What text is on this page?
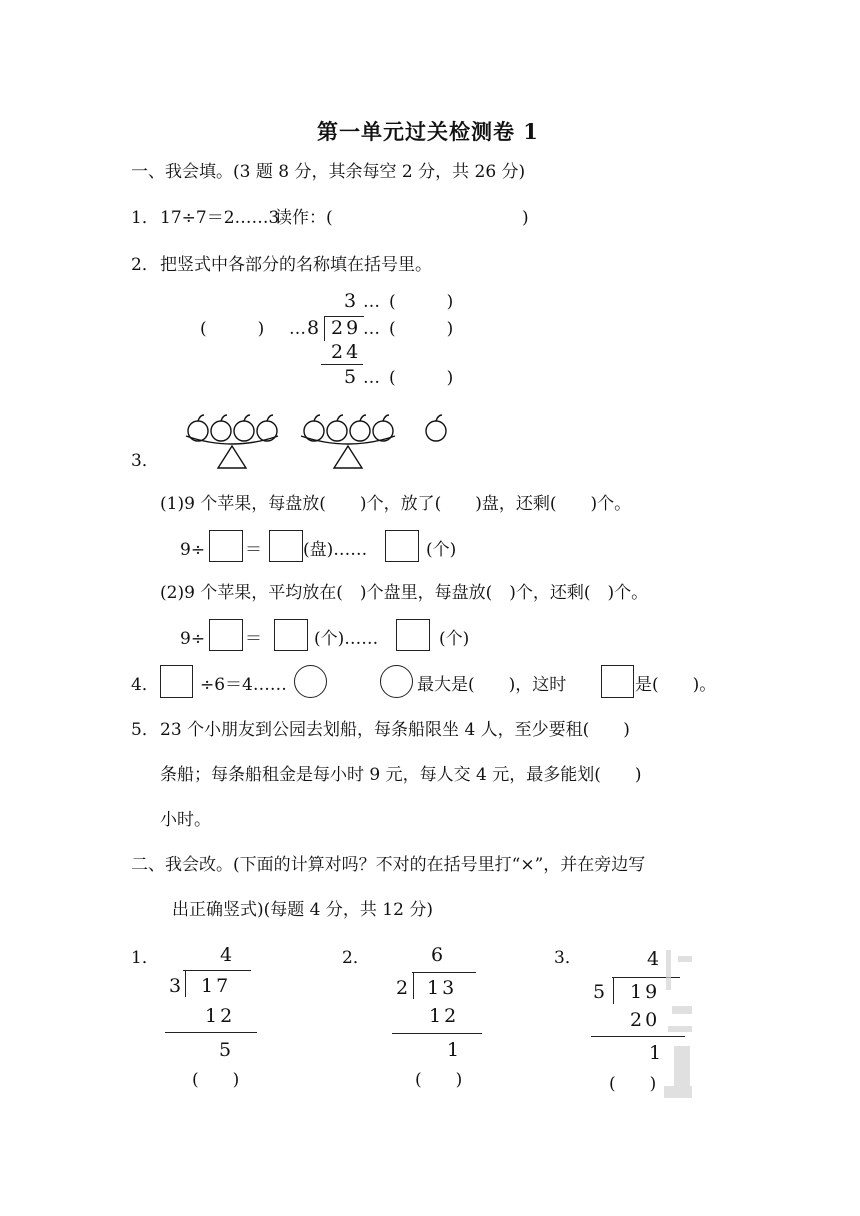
第一单元过关检测卷 1
一、我会填。(3 题 8 分，其余每空 2 分，共 26 分)
1． 17÷7＝2……3
读作：(	)
2． 把竖式中各部分的名称填在括号里。
3 … (　　　)
(　　　) … 8 29 … (　　　)
24
5 … (　　　)
3．
(1)9 个苹果，每盘放(　　)个，放了(　　)盘，还剩(　　)个。
9÷ ＝ (盘)……	(个)
(2)9 个苹果，平均放在(　)个盘里，每盘放(　)个，还剩(　)个。
9÷ ＝	(个)……	(个)
4． ÷6＝4……	最大是(　　)，这时	是(　　)。
5． 23 个小朋友到公园去划船，每条船限坐 4 人，至少要租(　　)
条船；每条船租金是每小时 9 元，每人交 4 元，最多能划(　　)
小时。
二、我会改。(下面的计算对吗？不对的在括号里打“×”，并在旁边写
出正确竖式)(每题 4 分，共 12 分)
1．	4
3 17
12
5
(　　)
2．	6
2 13
12
1
(　　)
3．	4
5 19
20
1
(　　)
